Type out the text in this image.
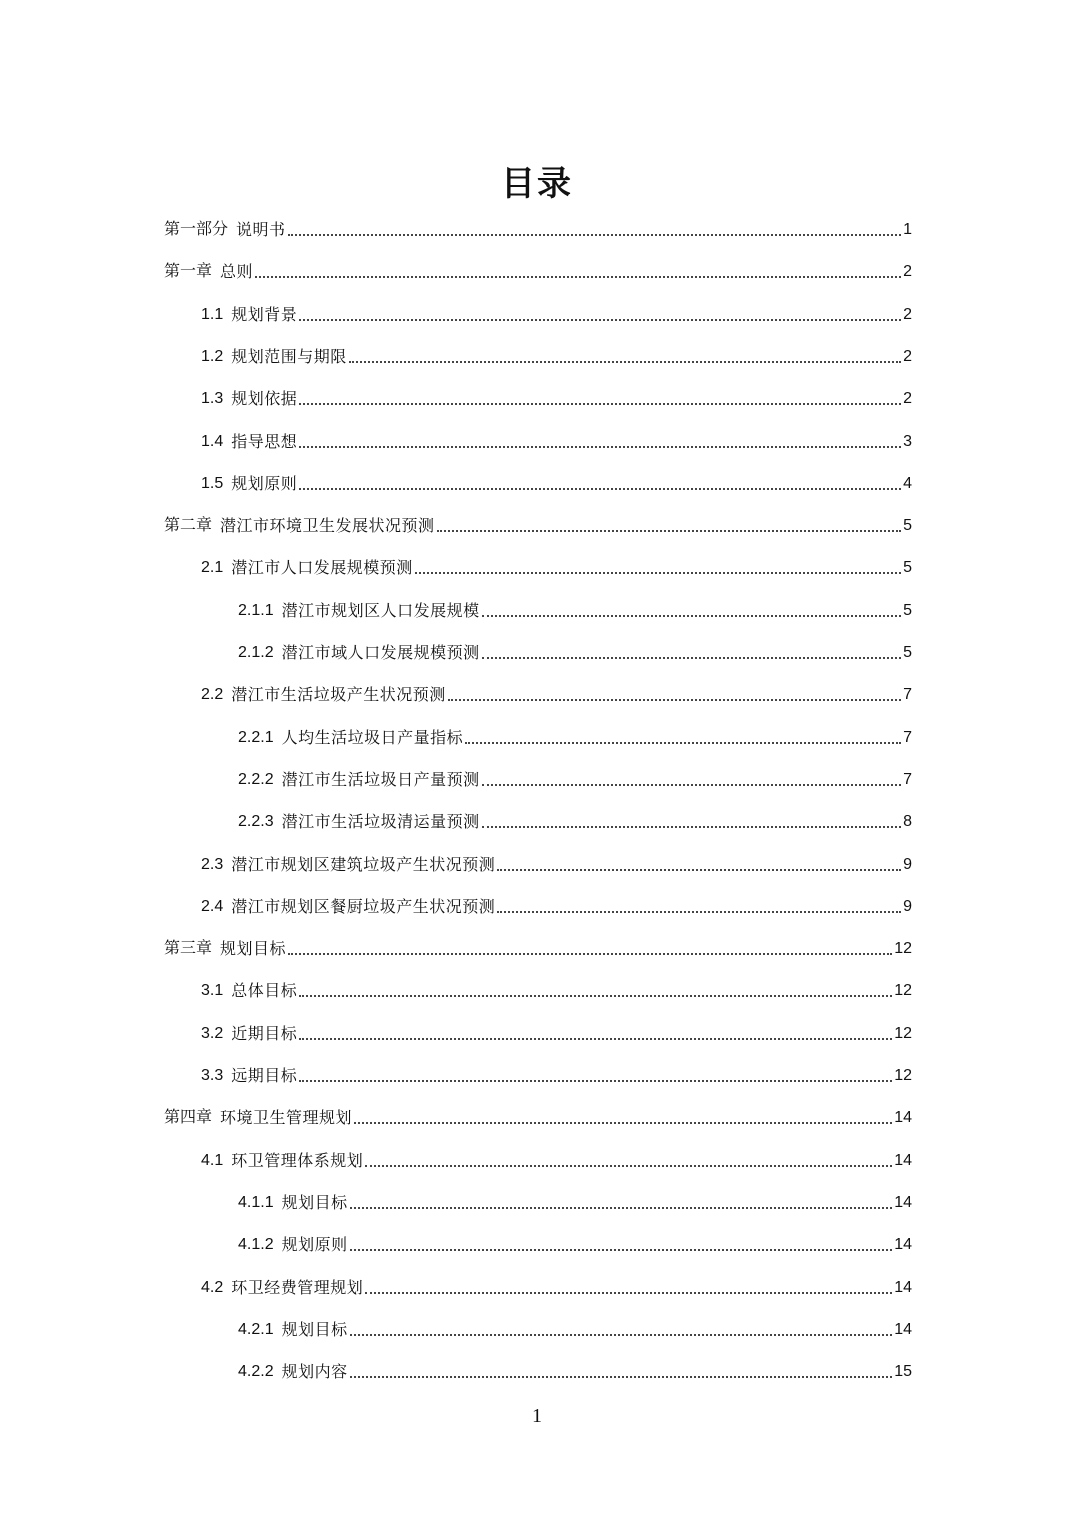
目录
第一部分 说明书	1
第一章 总则	2
1.1 规划背景	2
1.2 规划范围与期限	2
1.3 规划依据	2
1.4 指导思想	3
1.5 规划原则	4
第二章 潜江市环境卫生发展状况预测	5
2.1 潜江市人口发展规模预测	5
2.1.1 潜江市规划区人口发展规模	5
2.1.2 潜江市域人口发展规模预测	5
2.2 潜江市生活垃圾产生状况预测	7
2.2.1 人均生活垃圾日产量指标	7
2.2.2 潜江市生活垃圾日产量预测	7
2.2.3 潜江市生活垃圾清运量预测	8
2.3 潜江市规划区建筑垃圾产生状况预测	9
2.4 潜江市规划区餐厨垃圾产生状况预测	9
第三章 规划目标	12
3.1 总体目标	12
3.2 近期目标	12
3.3 远期目标	12
第四章 环境卫生管理规划	14
4.1 环卫管理体系规划	14
4.1.1 规划目标	14
4.1.2 规划原则	14
4.2 环卫经费管理规划	14
4.2.1 规划目标	14
4.2.2 规划内容	15
1
